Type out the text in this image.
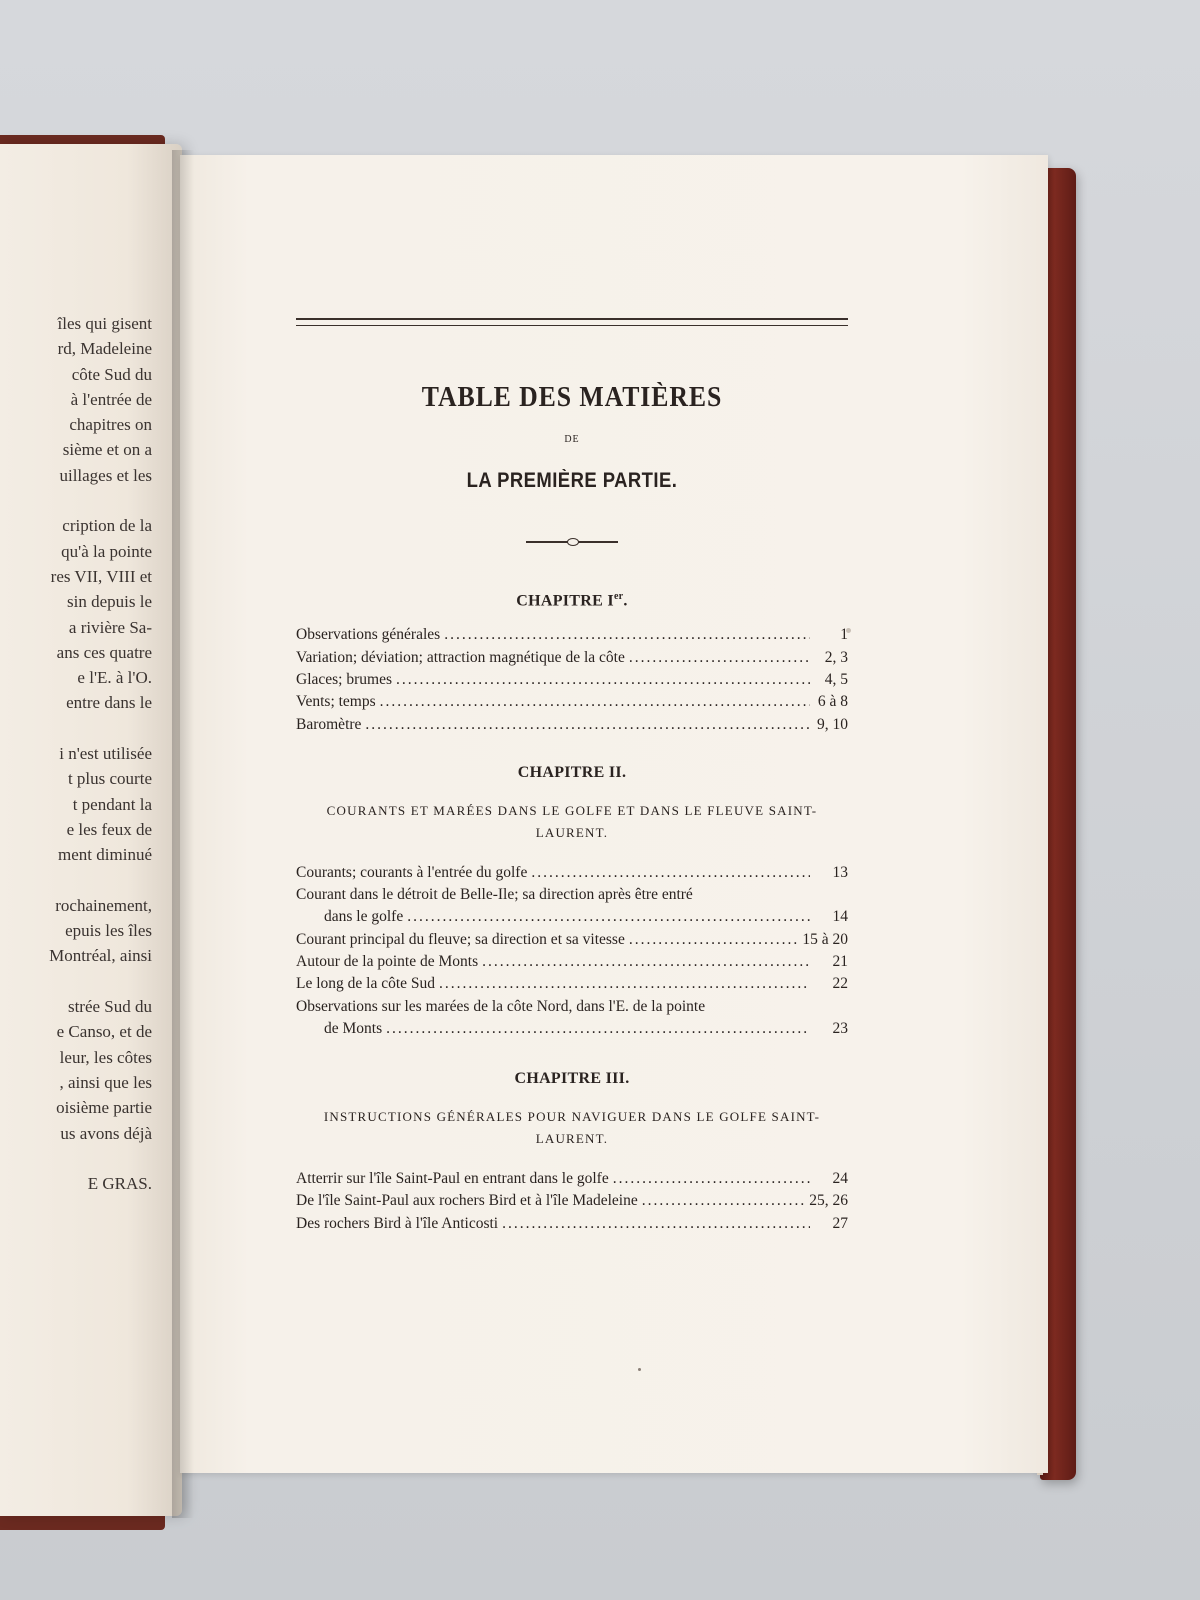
îles qui gisent
rd, Madeleine
côte Sud du
à l'entrée de
chapitres on
sième et on a
uillages et les
cription de la
qu'à la pointe
res VII, VIII et
sin depuis le
a rivière Sa-
ans ces quatre
e l'E. à l'O.
entre dans le
i n'est utilisée
t plus courte
t pendant la
e les feux de
ment diminué
rochainement,
epuis les îles
Montréal, ainsi
strée Sud du
e Canso, et de
leur, les côtes
, ainsi que les
oisième partie
us avons déjà
E GRAS.
TABLE DES MATIÈRES
DE
LA PREMIÈRE PARTIE.
CHAPITRE Ier.
Observations générales .....	1
Variation; déviation; attraction magnétique de la côte .....	2, 3
Glaces; brumes .....	4, 5
Vents; temps .....	6 à 8
Baromètre .....	9, 10
CHAPITRE II.
COURANTS ET MARÉES DANS LE GOLFE ET DANS LE FLEUVE SAINT-LAURENT.
Courants; courants à l'entrée du golfe .....	13
Courant dans le détroit de Belle-Ile; sa direction après être entré
dans le golfe .....	14
Courant principal du fleuve; sa direction et sa vitesse .....	15 à 20
Autour de la pointe de Monts .....	21
Le long de la côte Sud .....	22
Observations sur les marées de la côte Nord, dans l'E. de la pointe
de Monts .....	23
CHAPITRE III.
INSTRUCTIONS GÉNÉRALES POUR NAVIGUER DANS LE GOLFE SAINT-LAURENT.
Atterrir sur l'île Saint-Paul en entrant dans le golfe .....	24
De l'île Saint-Paul aux rochers Bird et à l'île Madeleine .....	25, 26
Des rochers Bird à l'île Anticosti .....	27
